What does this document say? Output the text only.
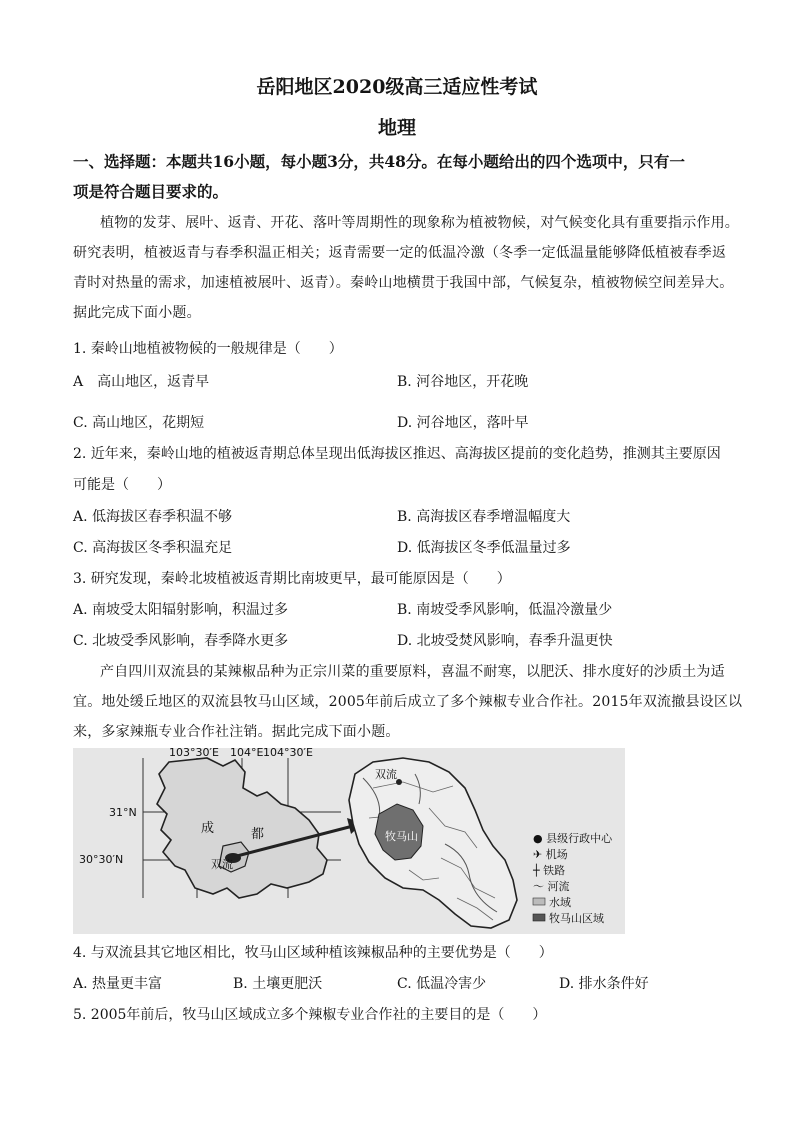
岳阳地区2020级高三适应性考试
地理
一、选择题：本题共16小题，每小题3分，共48分。在每小题给出的四个选项中，只有一
项是符合题目要求的。
植物的发芽、展叶、返青、开花、落叶等周期性的现象称为植被物候，对气候变化具有重要指示作用。
研究表明，植被返青与春季积温正相关；返青需要一定的低温冷激（冬季一定低温量能够降低植被春季返
青时对热量的需求，加速植被展叶、返青）。秦岭山地横贯于我国中部，气候复杂，植被物候空间差异大。
据此完成下面小题。
1. 秦岭山地植被物候的一般规律是（　　）
A　高山地区，返青早	B. 河谷地区，开花晚
C. 高山地区，花期短	D. 河谷地区，落叶早
2. 近年来，秦岭山地的植被返青期总体呈现出低海拔区推迟、高海拔区提前的变化趋势，推测其主要原因
可能是（　　）
A. 低海拔区春季积温不够	B. 高海拔区春季增温幅度大
C. 高海拔区冬季积温充足	D. 低海拔区冬季低温量过多
3. 研究发现，秦岭北坡植被返青期比南坡更早，最可能原因是（　　）
A. 南坡受太阳辐射影响，积温过多	B. 南坡受季风影响，低温冷激量少
C. 北坡受季风影响，春季降水更多	D. 北坡受焚风影响，春季升温更快
产自四川双流县的某辣椒品种为正宗川菜的重要原料，喜温不耐寒，以肥沃、排水度好的沙质土为适
宜。地处缓丘地区的双流县牧马山区域，2005年前后成立了多个辣椒专业合作社。2015年双流撤县设区以
来，多家辣瓶专业合作社注销。据此完成下面小题。
● 县级行政中心
✈ 机场
┼ 铁路
～ 河流
水域
牧马山区域
103°30′E 104°E 104°30′E
31°N
30°30′N
成	都
双流
双流
牧马山
4. 与双流县其它地区相比，牧马山区域种植该辣椒品种的主要优势是（　　）
A. 热量更丰富	B. 土壤更肥沃	C. 低温冷害少	D. 排水条件好
5. 2005年前后，牧马山区域成立多个辣椒专业合作社的主要目的是（　　）
